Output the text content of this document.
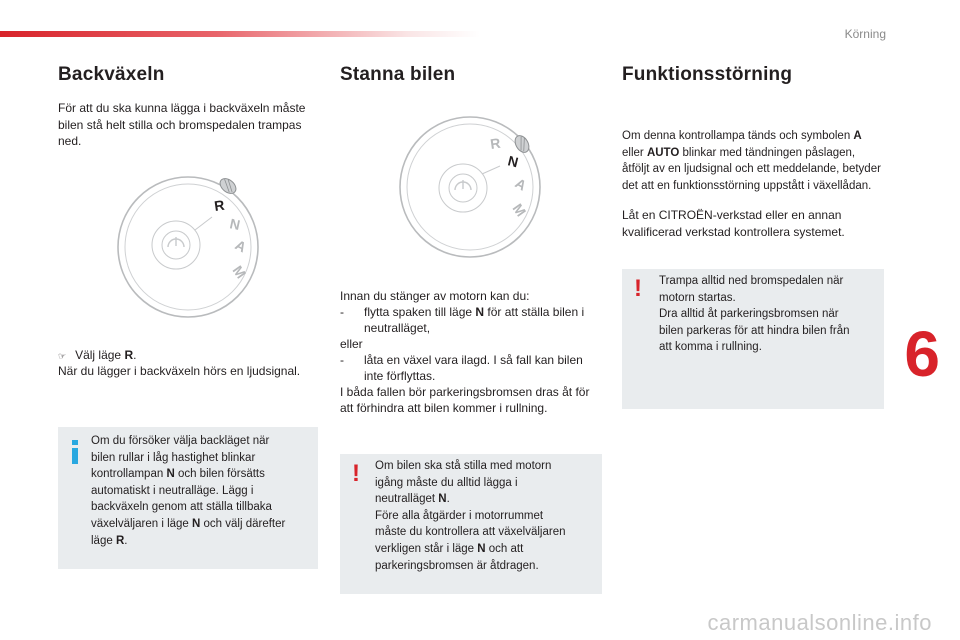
Körning
Backväxeln

För att du ska kunna lägga i backväxeln måste bilen stå helt stilla och bromspedalen trampas ned.

R
N
A
M
☞ Välj läge R.

När du lägger i backväxeln hörs en ljudsignal.

Om du försöker välja backläget när
bilen rullar i låg hastighet blinkar
kontrollampan N och bilen försätts
automatiskt i neutralläge. Lägg i
backväxeln genom att ställa tillbaka
växelväljaren i läge N och välj därefter
läge R.
Stanna bilen
R
N
A
M

Innan du stänger av motorn kan du:

- flytta spaken till läge N för att ställa bilen i
neutralläget,
eller
- låta en växel vara ilagd. I så fall kan bilen
inte förflyttas.
I båda fallen bör parkeringsbromsen dras åt för
att förhindra att bilen kommer i rullning.
! Om bilen ska stå stilla med motorn
igång måste du alltid lägga i
neutralläget N.
Före alla åtgärder i motorrummet
måste du kontrollera att växelväljaren
verkligen står i läge N och att
parkeringsbromsen är åtdragen.
Funktionsstörning
Om denna kontrollampa tänds och symbolen A
eller AUTO blinkar med tändningen påslagen,
åtföljt av en ljudsignal och ett meddelande, betyder
det att en funktionsstörning uppstått i växellådan.
Låt en CITROËN-verkstad eller en annan
kvalificerad verkstad kontrollera systemet.
! Trampa alltid ned bromspedalen när
motorn startas.
Dra alltid åt parkeringsbromsen när
bilen parkeras för att hindra bilen från
att komma i rullning.	6
carmanualsonline.info
